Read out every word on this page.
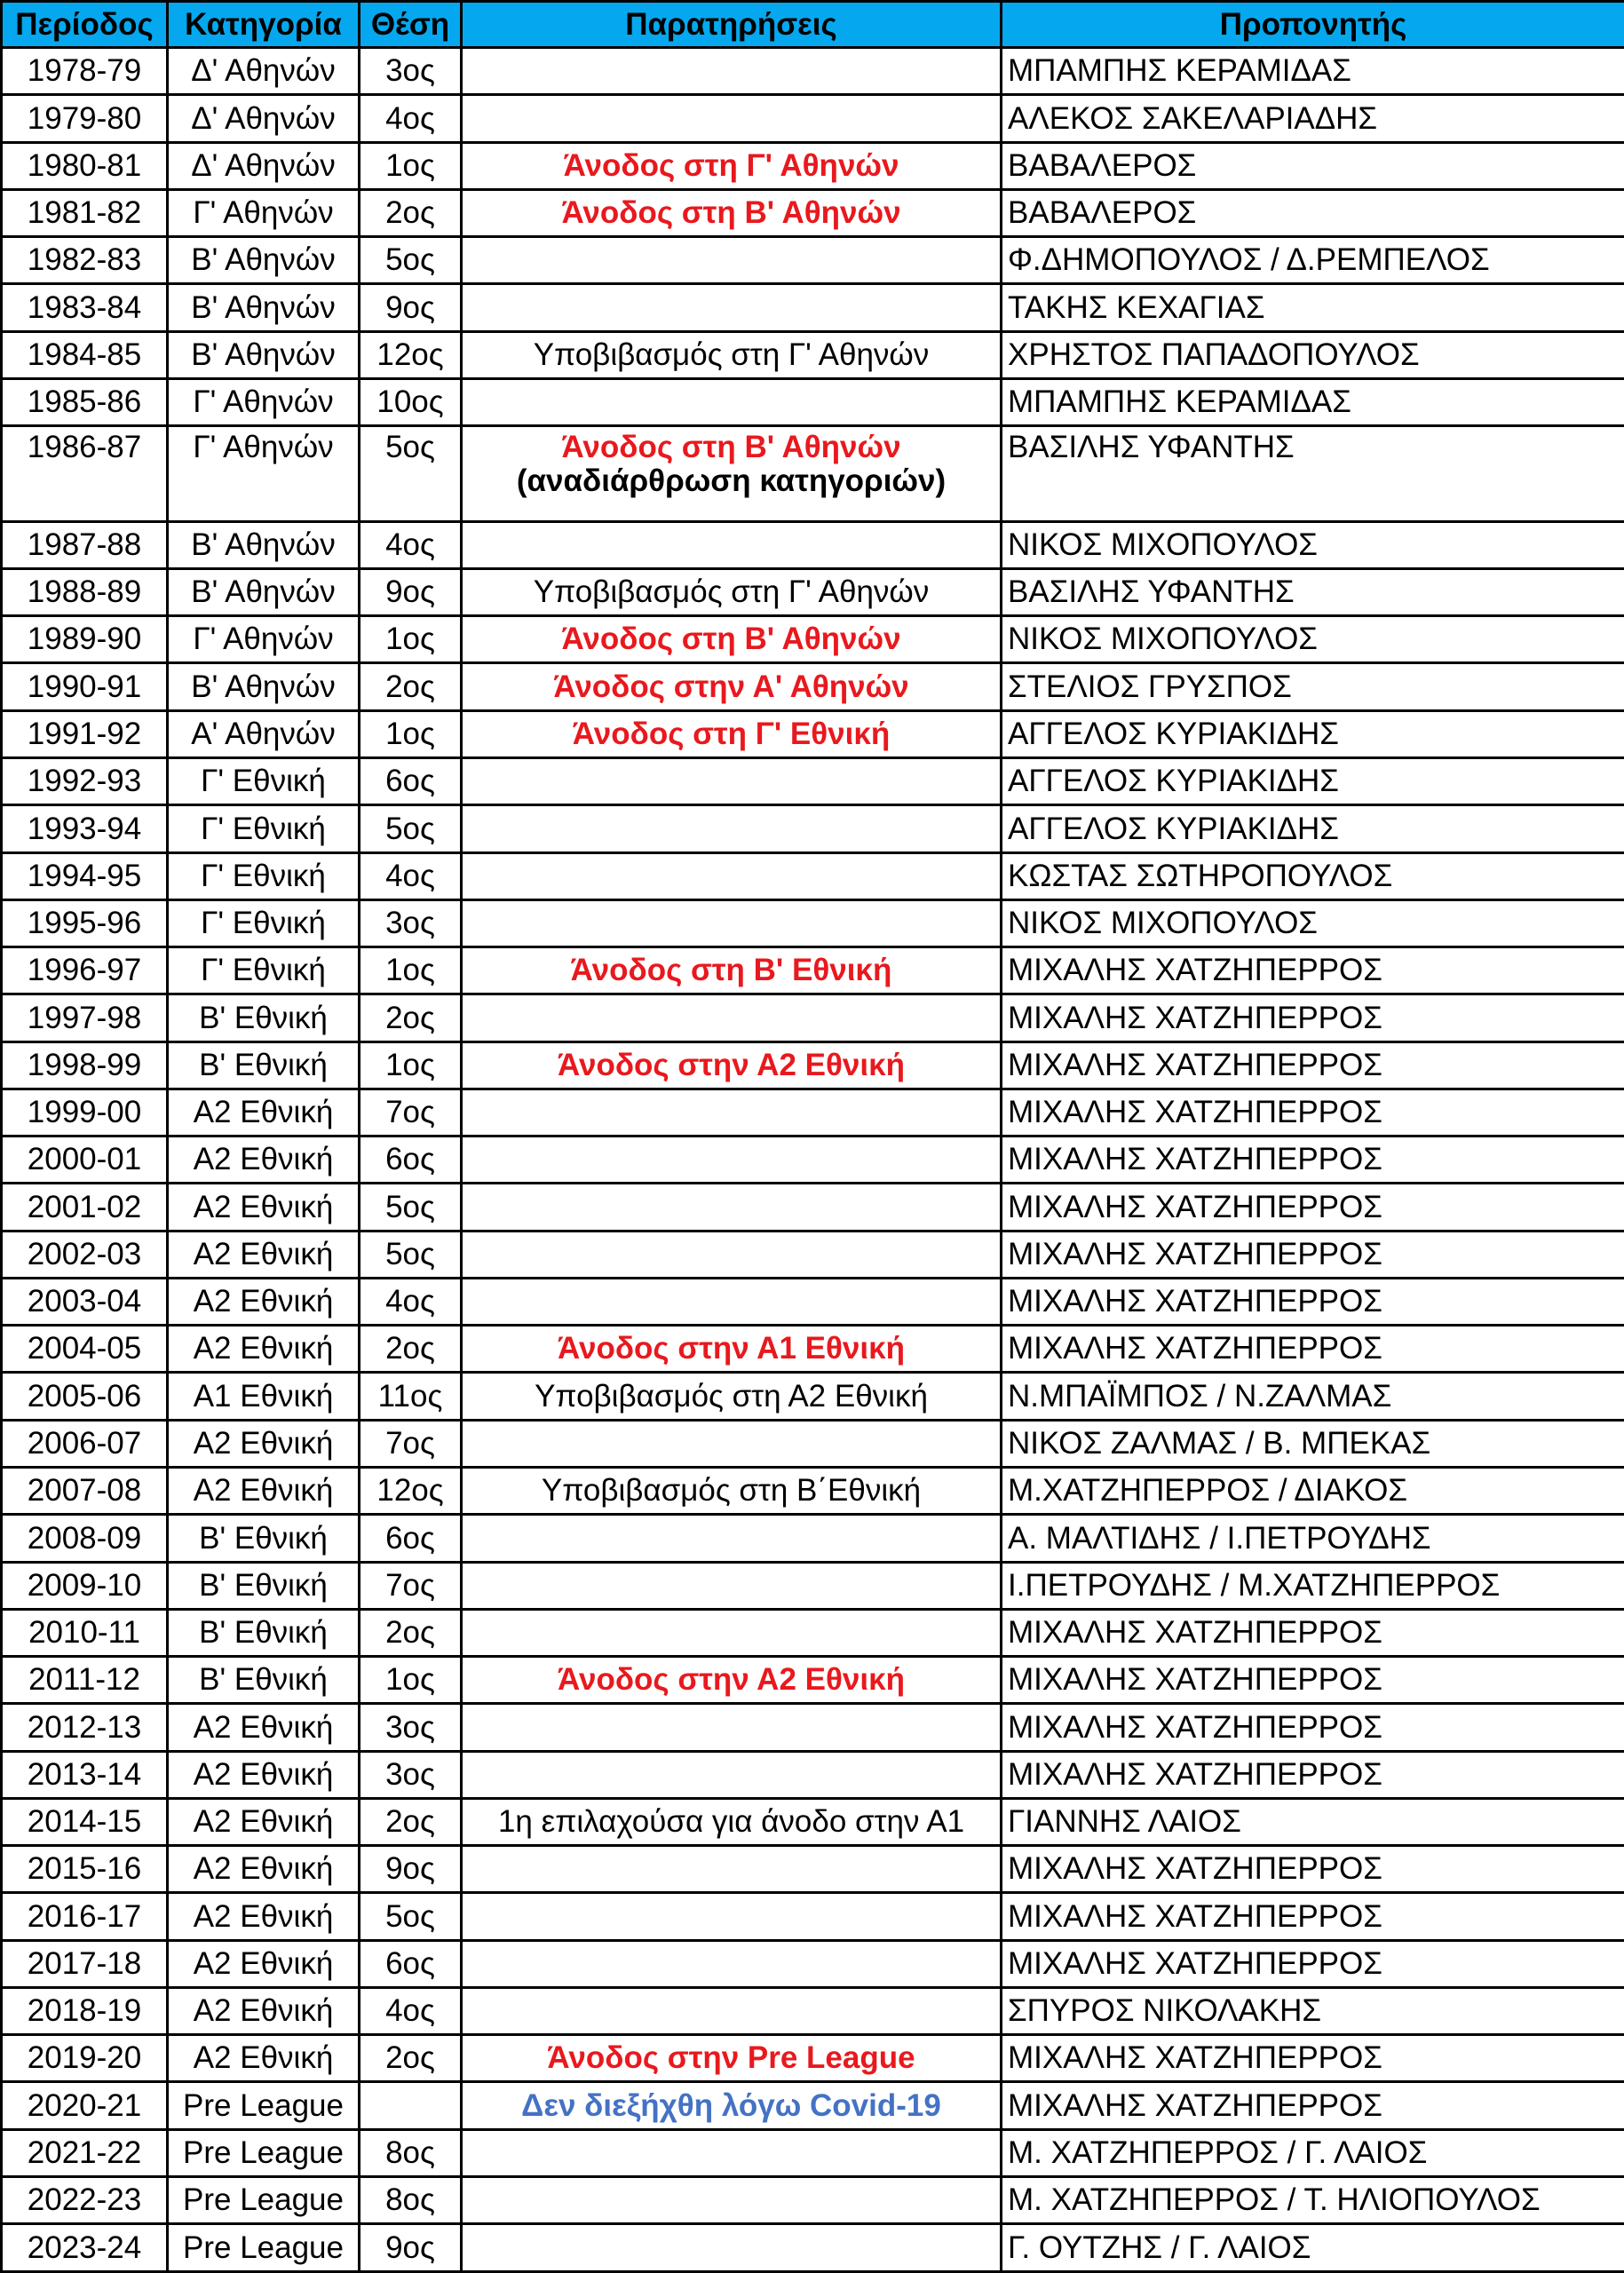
Περίοδος	Κατηγορία	Θέση	Παρατηρήσεις	Προπονητής
1978-79	Δ' Αθηνών	3ος		ΜΠΑΜΠΗΣ ΚΕΡΑΜΙΔΑΣ
1979-80	Δ' Αθηνών	4ος		ΑΛΕΚΟΣ ΣΑΚΕΛΑΡΙΑΔΗΣ
1980-81	Δ' Αθηνών	1ος	Άνοδος στη Γ' Αθηνών	ΒΑΒΑΛΕΡΟΣ
1981-82	Γ' Αθηνών	2ος	Άνοδος στη Β' Αθηνών	ΒΑΒΑΛΕΡΟΣ
1982-83	Β' Αθηνών	5ος		Φ.ΔΗΜΟΠΟΥΛΟΣ / Δ.ΡΕΜΠΕΛΟΣ
1983-84	Β' Αθηνών	9ος		ΤΑΚΗΣ ΚΕΧΑΓΙΑΣ
1984-85	Β' Αθηνών	12ος	Υποβιβασμός στη Γ' Αθηνών	ΧΡΗΣΤΟΣ ΠΑΠΑΔΟΠΟΥΛΟΣ
1985-86	Γ' Αθηνών	10ος		ΜΠΑΜΠΗΣ ΚΕΡΑΜΙΔΑΣ
1986-87	Γ' Αθηνών	5ος	Άνοδος στη Β' Αθηνών
(αναδιάρθρωση κατηγοριών)	ΒΑΣΙΛΗΣ ΥΦΑΝΤΗΣ
1987-88	Β' Αθηνών	4ος		ΝΙΚΟΣ ΜΙΧΟΠΟΥΛΟΣ
1988-89	Β' Αθηνών	9ος	Υποβιβασμός στη Γ' Αθηνών	ΒΑΣΙΛΗΣ ΥΦΑΝΤΗΣ
1989-90	Γ' Αθηνών	1ος	Άνοδος στη Β' Αθηνών	ΝΙΚΟΣ ΜΙΧΟΠΟΥΛΟΣ
1990-91	Β' Αθηνών	2ος	Άνοδος στην Α' Αθηνών	ΣΤΕΛΙΟΣ ΓΡΥΣΠΟΣ
1991-92	Α' Αθηνών	1ος	Άνοδος στη Γ' Εθνική	ΑΓΓΕΛΟΣ ΚΥΡΙΑΚΙΔΗΣ
1992-93	Γ' Εθνική	6ος		ΑΓΓΕΛΟΣ ΚΥΡΙΑΚΙΔΗΣ
1993-94	Γ' Εθνική	5ος		ΑΓΓΕΛΟΣ ΚΥΡΙΑΚΙΔΗΣ
1994-95	Γ' Εθνική	4ος		ΚΩΣΤΑΣ ΣΩΤΗΡΟΠΟΥΛΟΣ
1995-96	Γ' Εθνική	3ος		ΝΙΚΟΣ ΜΙΧΟΠΟΥΛΟΣ
1996-97	Γ' Εθνική	1ος	Άνοδος στη Β' Εθνική	ΜΙΧΑΛΗΣ ΧΑΤΖΗΠΕΡΡΟΣ
1997-98	Β' Εθνική	2ος		ΜΙΧΑΛΗΣ ΧΑΤΖΗΠΕΡΡΟΣ
1998-99	Β' Εθνική	1ος	Άνοδος στην Α2 Εθνική	ΜΙΧΑΛΗΣ ΧΑΤΖΗΠΕΡΡΟΣ
1999-00	Α2 Εθνική	7ος		ΜΙΧΑΛΗΣ ΧΑΤΖΗΠΕΡΡΟΣ
2000-01	Α2 Εθνική	6ος		ΜΙΧΑΛΗΣ ΧΑΤΖΗΠΕΡΡΟΣ
2001-02	Α2 Εθνική	5ος		ΜΙΧΑΛΗΣ ΧΑΤΖΗΠΕΡΡΟΣ
2002-03	Α2 Εθνική	5ος		ΜΙΧΑΛΗΣ ΧΑΤΖΗΠΕΡΡΟΣ
2003-04	Α2 Εθνική	4ος		ΜΙΧΑΛΗΣ ΧΑΤΖΗΠΕΡΡΟΣ
2004-05	Α2 Εθνική	2ος	Άνοδος στην Α1 Εθνική	ΜΙΧΑΛΗΣ ΧΑΤΖΗΠΕΡΡΟΣ
2005-06	Α1 Εθνική	11ος	Υποβιβασμός στη Α2 Εθνική	Ν.ΜΠΑΪΜΠΟΣ / Ν.ΖΑΛΜΑΣ
2006-07	Α2 Εθνική	7ος		ΝΙΚΟΣ ΖΑΛΜΑΣ / Β. ΜΠΕΚΑΣ
2007-08	Α2 Εθνική	12ος	Υποβιβασμός στη Β΄Εθνική	Μ.ΧΑΤΖΗΠΕΡΡΟΣ / ΔΙΑΚΟΣ
2008-09	Β' Εθνική	6ος		Α. ΜΑΛΤΙΔΗΣ / Ι.ΠΕΤΡΟΥΔΗΣ
2009-10	Β' Εθνική	7ος		Ι.ΠΕΤΡΟΥΔΗΣ / Μ.ΧΑΤΖΗΠΕΡΡΟΣ
2010-11	Β' Εθνική	2ος		ΜΙΧΑΛΗΣ ΧΑΤΖΗΠΕΡΡΟΣ
2011-12	Β' Εθνική	1ος	Άνοδος στην Α2 Εθνική	ΜΙΧΑΛΗΣ ΧΑΤΖΗΠΕΡΡΟΣ
2012-13	Α2 Εθνική	3ος		ΜΙΧΑΛΗΣ ΧΑΤΖΗΠΕΡΡΟΣ
2013-14	Α2 Εθνική	3ος		ΜΙΧΑΛΗΣ ΧΑΤΖΗΠΕΡΡΟΣ
2014-15	Α2 Εθνική	2ος	1η επιλαχούσα για άνοδο στην Α1	ΓΙΑΝΝΗΣ ΛΑΙΟΣ
2015-16	Α2 Εθνική	9ος		ΜΙΧΑΛΗΣ ΧΑΤΖΗΠΕΡΡΟΣ
2016-17	Α2 Εθνική	5ος		ΜΙΧΑΛΗΣ ΧΑΤΖΗΠΕΡΡΟΣ
2017-18	Α2 Εθνική	6ος		ΜΙΧΑΛΗΣ ΧΑΤΖΗΠΕΡΡΟΣ
2018-19	Α2 Εθνική	4ος		ΣΠΥΡΟΣ ΝΙΚΟΛΑΚΗΣ
2019-20	Α2 Εθνική	2ος	Άνοδος στην Pre League	ΜΙΧΑΛΗΣ ΧΑΤΖΗΠΕΡΡΟΣ
2020-21	Pre League		Δεν διεξήχθη λόγω Covid-19	ΜΙΧΑΛΗΣ ΧΑΤΖΗΠΕΡΡΟΣ
2021-22	Pre League	8ος		Μ. ΧΑΤΖΗΠΕΡΡΟΣ / Γ. ΛΑΙΟΣ
2022-23	Pre League	8ος		Μ. ΧΑΤΖΗΠΕΡΡΟΣ / Τ. ΗΛΙΟΠΟΥΛΟΣ
2023-24	Pre League	9ος		Γ. ΟΥΤΖΗΣ / Γ. ΛΑΙΟΣ
